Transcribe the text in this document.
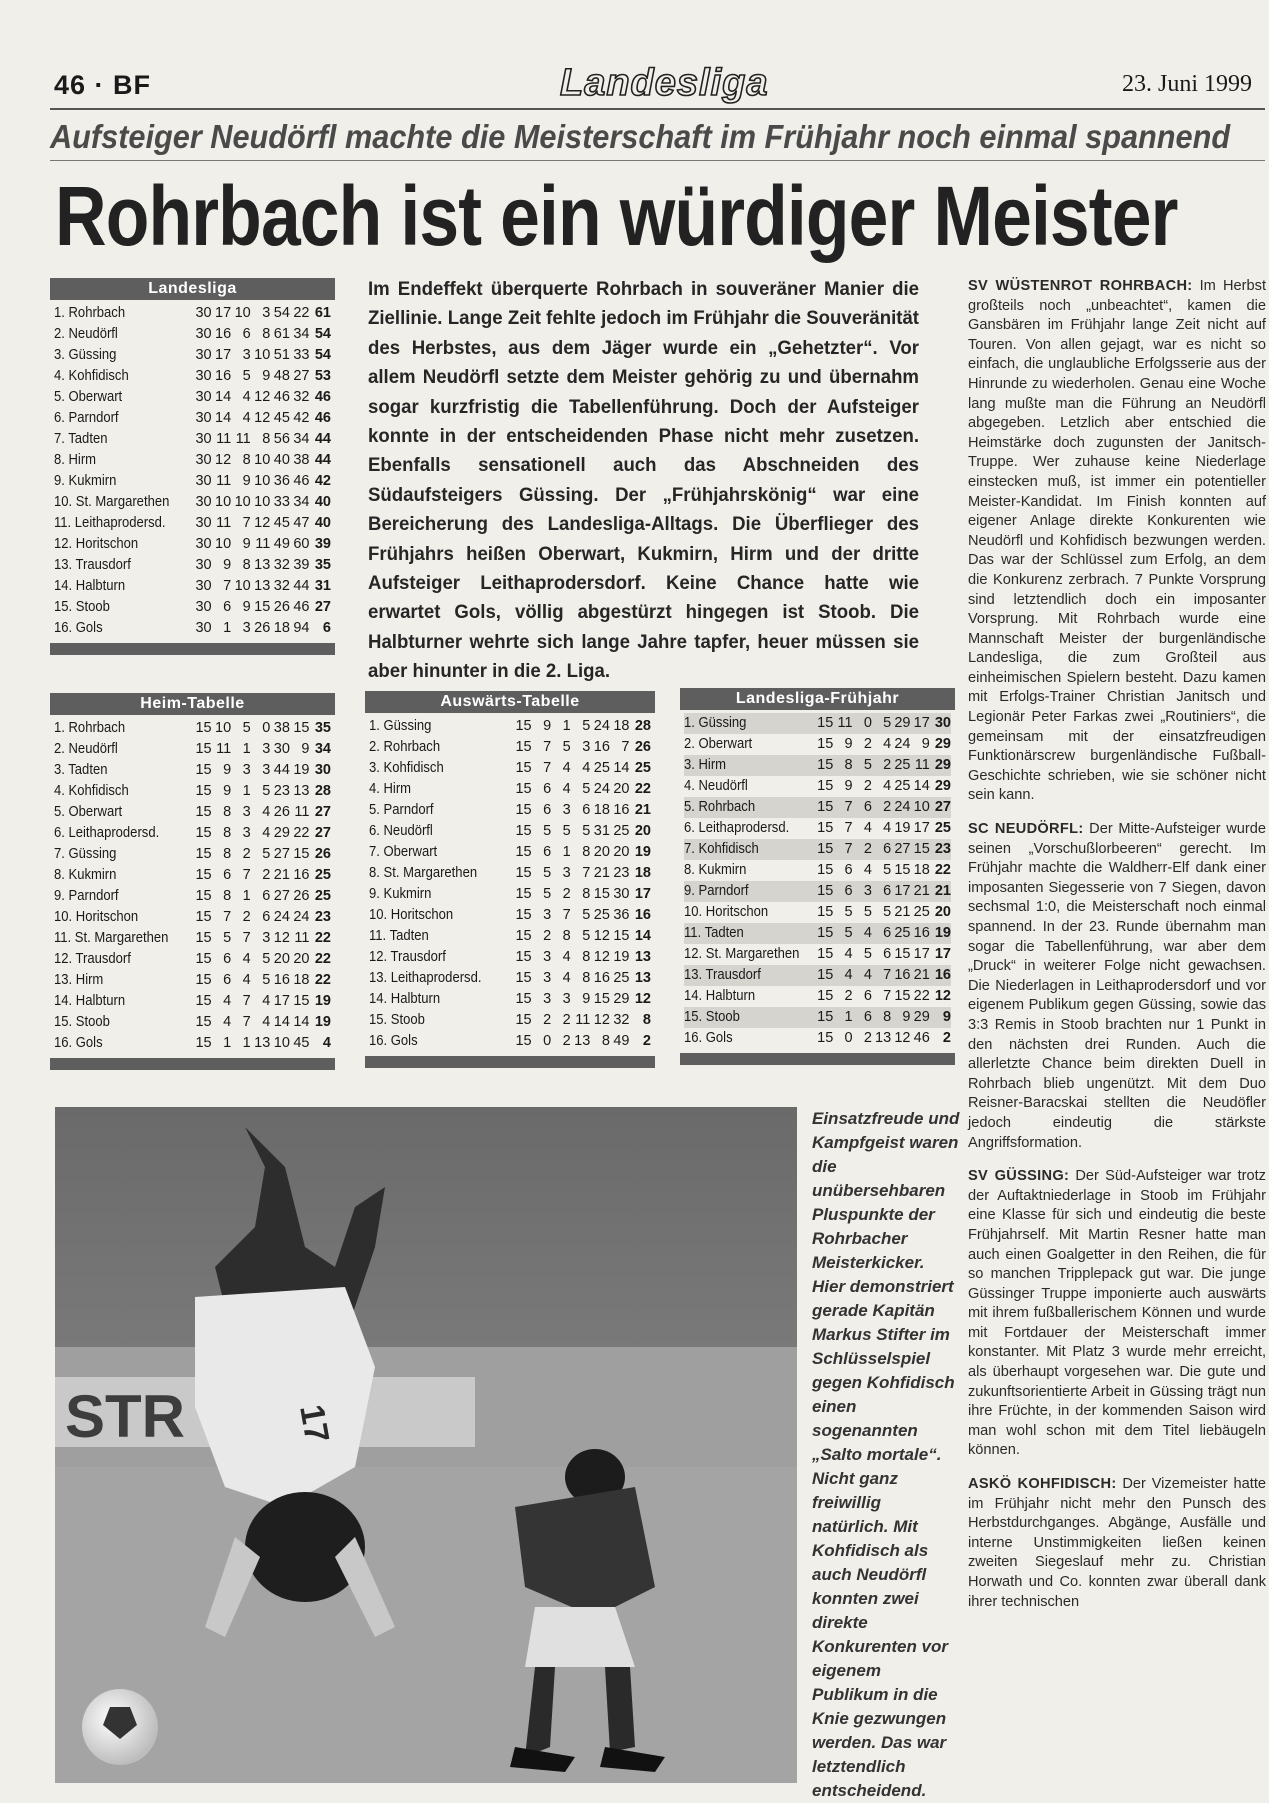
46 · BF	Landesliga	23. Juni 1999
Aufsteiger Neudörfl machte die Meisterschaft im Frühjahr noch einmal spannend
Rohrbach ist ein würdiger Meister
Landesliga
1. Rohrbach	30 17 10 3 54 22 61
2. Neudörfl	30 16 6 8 61 34 54
3. Güssing	30 17 3 10 51 33 54
4. Kohfidisch	30 16 5 9 48 27 53
5. Oberwart	30 14 4 12 46 32 46
6. Parndorf	30 14 4 12 45 42 46
7. Tadten	30 11 11 8 56 34 44
8. Hirm	30 12 8 10 40 38 44
9. Kukmirn	30 11 9 10 36 46 42
10. St. Margarethen	30 10 10 10 33 34 40
11. Leithaprodersd.	30 11 7 12 45 47 40
12. Horitschon	30 10 9 11 49 60 39
13. Trausdorf	30 9 8 13 32 39 35
14. Halbturn	30 7 10 13 32 44 31
15. Stoob	30 6 9 15 26 46 27
16. Gols	30 1 3 26 18 94 6
Heim-Tabelle
1. Rohrbach	15 10 5 0 38 15 35
2. Neudörfl	15 11 1 3 30 9 34
3. Tadten	15 9 3 3 44 19 30
4. Kohfidisch	15 9 1 5 23 13 28
5. Oberwart	15 8 3 4 26 11 27
6. Leithaprodersd.	15 8 3 4 29 22 27
7. Güssing	15 8 2 5 27 15 26
8. Kukmirn	15 6 7 2 21 16 25
9. Parndorf	15 8 1 6 27 26 25
10. Horitschon	15 7 2 6 24 24 23
11. St. Margarethen	15 5 7 3 12 11 22
12. Trausdorf	15 6 4 5 20 20 22
13. Hirm	15 6 4 5 16 18 22
14. Halbturn	15 4 7 4 17 15 19
15. Stoob	15 4 7 4 14 14 19
16. Gols	15 1 1 13 10 45 4
Auswärts-Tabelle
1. Güssing	15 9 1 5 24 18 28
2. Rohrbach	15 7 5 3 16 7 26
3. Kohfidisch	15 7 4 4 25 14 25
4. Hirm	15 6 4 5 24 20 22
5. Parndorf	15 6 3 6 18 16 21
6. Neudörfl	15 5 5 5 31 25 20
7. Oberwart	15 6 1 8 20 20 19
8. St. Margarethen	15 5 3 7 21 23 18
9. Kukmirn	15 5 2 8 15 30 17
10. Horitschon	15 3 7 5 25 36 16
11. Tadten	15 2 8 5 12 15 14
12. Trausdorf	15 3 4 8 12 19 13
13. Leithaprodersd.	15 3 4 8 16 25 13
14. Halbturn	15 3 3 9 15 29 12
15. Stoob	15 2 2 11 12 32 8
16. Gols	15 0 2 13 8 49 2
Landesliga-Frühjahr
1. Güssing	15 11 0 5 29 17 30
2. Oberwart	15 9 2 4 24 9 29
3. Hirm	15 8 5 2 25 11 29
4. Neudörfl	15 9 2 4 25 14 29
5. Rohrbach	15 7 6 2 24 10 27
6. Leithaprodersd.	15 7 4 4 19 17 25
7. Kohfidisch	15 7 2 6 27 15 23
8. Kukmirn	15 6 4 5 15 18 22
9. Parndorf	15 6 3 6 17 21 21
10. Horitschon	15 5 5 5 21 25 20
11. Tadten	15 5 4 6 25 16 19
12. St. Margarethen 15 4 5 6 15 17 17
13. Trausdorf	15 4 4 7 16 21 16
14. Halbturn	15 2 6 7 15 22 12
15. Stoob	15 1 6 8 9 29 9
16. Gols	15 0 2 13 12 46 2
Im Endeffekt überquerte Rohrbach in souveräner Manier die Ziellinie. Lange Zeit fehlte jedoch im Frühjahr die Souveränität des Herbstes, aus dem Jäger wurde ein „Gehetzter“. Vor allem Neudörfl setzte dem Meister gehörig zu und übernahm sogar kurzfristig die Tabellenführung. Doch der Aufsteiger konnte in der entscheidenden Phase nicht mehr zusetzen. Ebenfalls sensationell auch das Abschneiden des Südaufsteigers Güssing. Der „Frühjahrskönig“ war eine Bereicherung des Landesliga-Alltags. Die Überflieger des Frühjahrs heißen Oberwart, Kukmirn, Hirm und der dritte Aufsteiger Leithaprodersdorf. Keine Chance hatte wie erwartet Gols, völlig abgestürzt hingegen ist Stoob. Die Halbturner wehrte sich lange Jahre tapfer, heuer müssen sie aber hinunter in die 2. Liga.

SV WÜSTENROT ROHRBACH: Im Herbst großteils noch „unbeachtet“, kamen die Gansbären im Frühjahr lange Zeit nicht auf Touren. Von allen gejagt, war es nicht so einfach, die unglaubliche Erfolgsserie aus der Hinrunde zu wiederholen. Genau eine Woche lang mußte man die Führung an Neudörfl abgegeben. Letzlich aber entschied die Heimstärke doch zugunsten der Janitsch-Truppe. Wer zuhause keine Niederlage einstecken muß, ist immer ein potentieller Meister-Kandidat. Im Finish konnten auf eigener Anlage direkte Konkurenten wie Neudörfl und Kohfidisch bezwungen werden. Das war der Schlüssel zum Erfolg, an dem die Konkurenz zerbrach. 7 Punkte Vorsprung sind letztendlich doch ein imposanter Vorsprung. Mit Rohrbach wurde eine Mannschaft Meister der burgenländische Landesliga, die zum Großteil aus einheimischen Spielern besteht. Dazu kamen mit Erfolgs-Trainer Christian Janitsch und Legionär Peter Farkas zwei „Routiniers“, die gemeinsam mit der einsatzfreudigen Funktionärscrew burgenländische Fußball-Geschichte schrieben, wie sie schöner nicht sein kann.

SC NEUDÖRFL: Der Mitte-Aufsteiger wurde seinen „Vorschußlorbeeren“ gerecht. Im Frühjahr machte die Waldherr-Elf dank einer imposanten Siegesserie von 7 Siegen, davon sechsmal 1:0, die Meisterschaft noch einmal spannend. In der 23. Runde übernahm man sogar die Tabellenführung, war aber dem „Druck“ in weiterer Folge nicht gewachsen. Die Niederlagen in Leithaprodersdorf und vor eigenem Publikum gegen Güssing, sowie das 3:3 Remis in Stoob brachten nur 1 Punkt in den nächsten drei Runden. Auch die allerletzte Chance beim direkten Duell in Rohrbach blieb ungenützt. Mit dem Duo Reisner-Baracskai stellten die Neudöfler jedoch eindeutig die stärkste Angriffsformation.

SV GÜSSING: Der Süd-Aufsteiger war trotz der Auftaktniederlage in Stoob im Frühjahr eine Klasse für sich und eindeutig die beste Frühjahrself. Mit Martin Resner hatte man auch einen Goalgetter in den Reihen, die für so manchen Tripplepack gut war. Die junge Güssinger Truppe imponierte auch auswärts mit ihrem fußballerischem Können und wurde mit Fortdauer der Meisterschaft immer konstanter. Mit Platz 3 wurde mehr erreicht, als überhaupt vorgesehen war. Die gute und zukunftsorientierte Arbeit in Güssing trägt nun ihre Früchte, in der kommenden Saison wird man wohl schon mit dem Titel liebäugeln können.

ASKÖ KOHFIDISCH: Der Vizemeister hatte im Frühjahr nicht mehr den Punsch des Herbstdurchganges. Abgänge, Ausfälle und interne Unstimmigkeiten ließen keinen zweiten Siegeslauf mehr zu. Christian Horwath und Co. konnten zwar überall dank ihrer technischen

STR	17
Einsatzfreude und Kampfgeist waren die unübersehbaren Pluspunkte der Rohrbacher Meisterkicker. Hier demonstriert gerade Kapitän Markus Stifter im Schlüsselspiel gegen Kohfidisch einen sogenannten „Salto mortale“. Nicht ganz freiwillig natürlich. Mit Kohfidisch als auch Neudörfl konnten zwei direkte Konkurenten vor eigenem Publikum in die Knie gezwungen werden. Das war letztendlich entscheidend.
